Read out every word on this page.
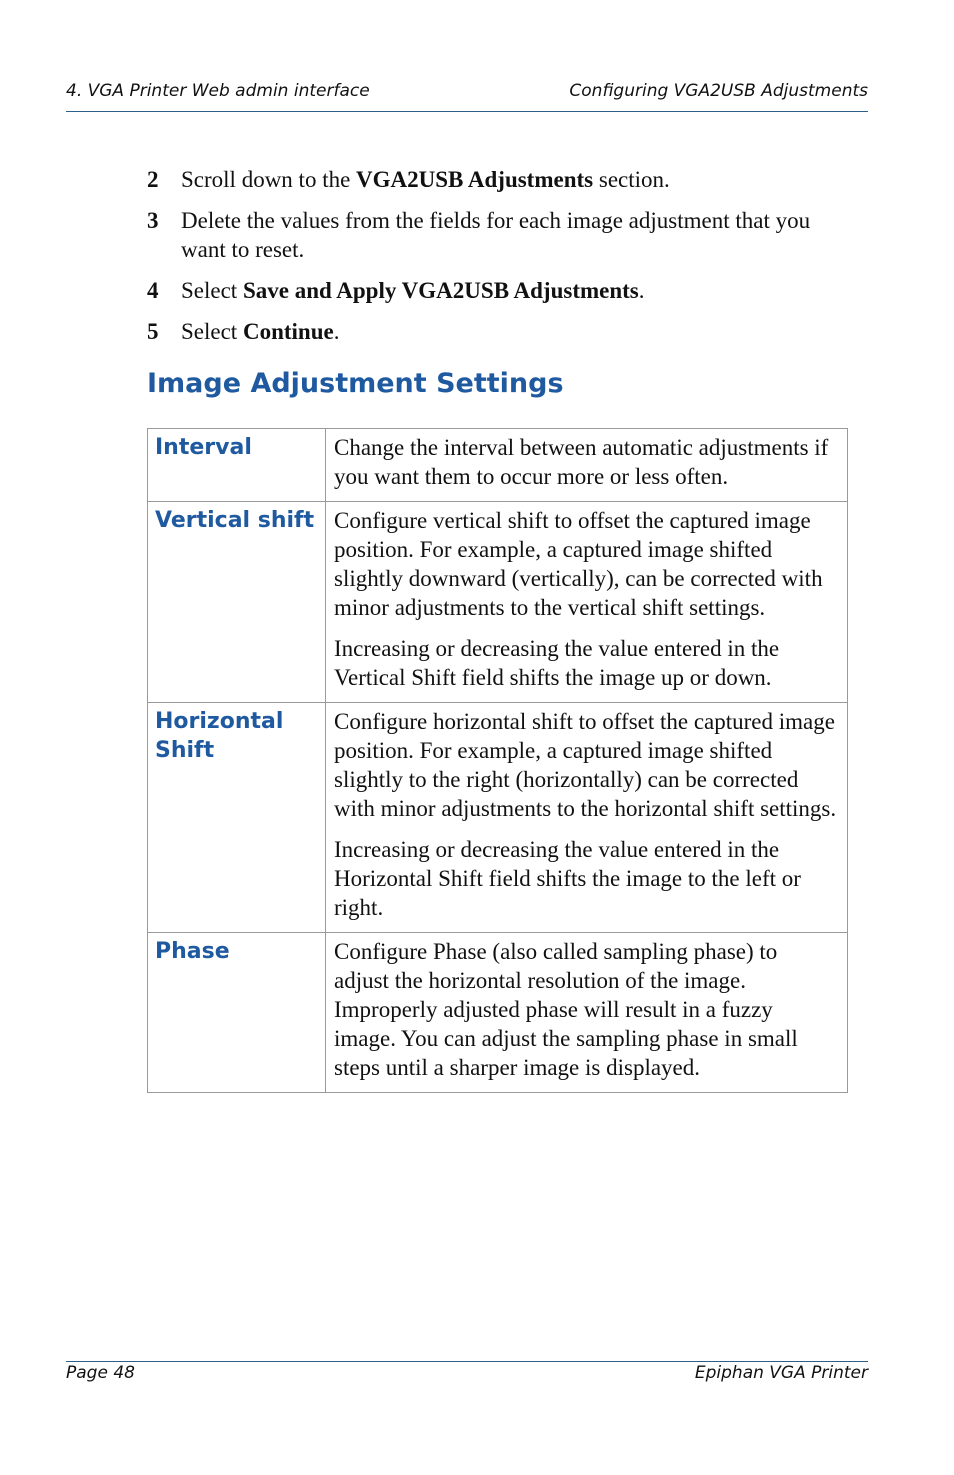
4. VGA Printer Web admin interface	Configuring VGA2USB Adjustments
2 Scroll down to the VGA2USB Adjustments section.
3 Delete the values from the fields for each image adjustment that you want to reset.
4 Select Save and Apply VGA2USB Adjustments.
5 Select Continue.
Image Adjustment Settings
Interval	Change the interval between automatic adjustments if you want them to occur more or less often.

Vertical shift	Configure vertical shift to offset the captured image position. For example, a captured image shifted slightly downward (vertically), can be corrected with minor adjustments to the vertical shift settings.

Increasing or decreasing the value entered in the Vertical Shift field shifts the image up or down.

Horizontal Shift	Configure horizontal shift to offset the captured image position. For example, a captured image shifted slightly to the right (horizontally) can be corrected with minor adjustments to the horizontal shift settings.

Increasing or decreasing the value entered in the Horizontal Shift field shifts the image to the left or right.

Phase	Configure Phase (also called sampling phase) to adjust the horizontal resolution of the image. Improperly adjusted phase will result in a fuzzy image. You can adjust the sampling phase in small steps until a sharper image is displayed.

Page 48	Epiphan VGA Printer
